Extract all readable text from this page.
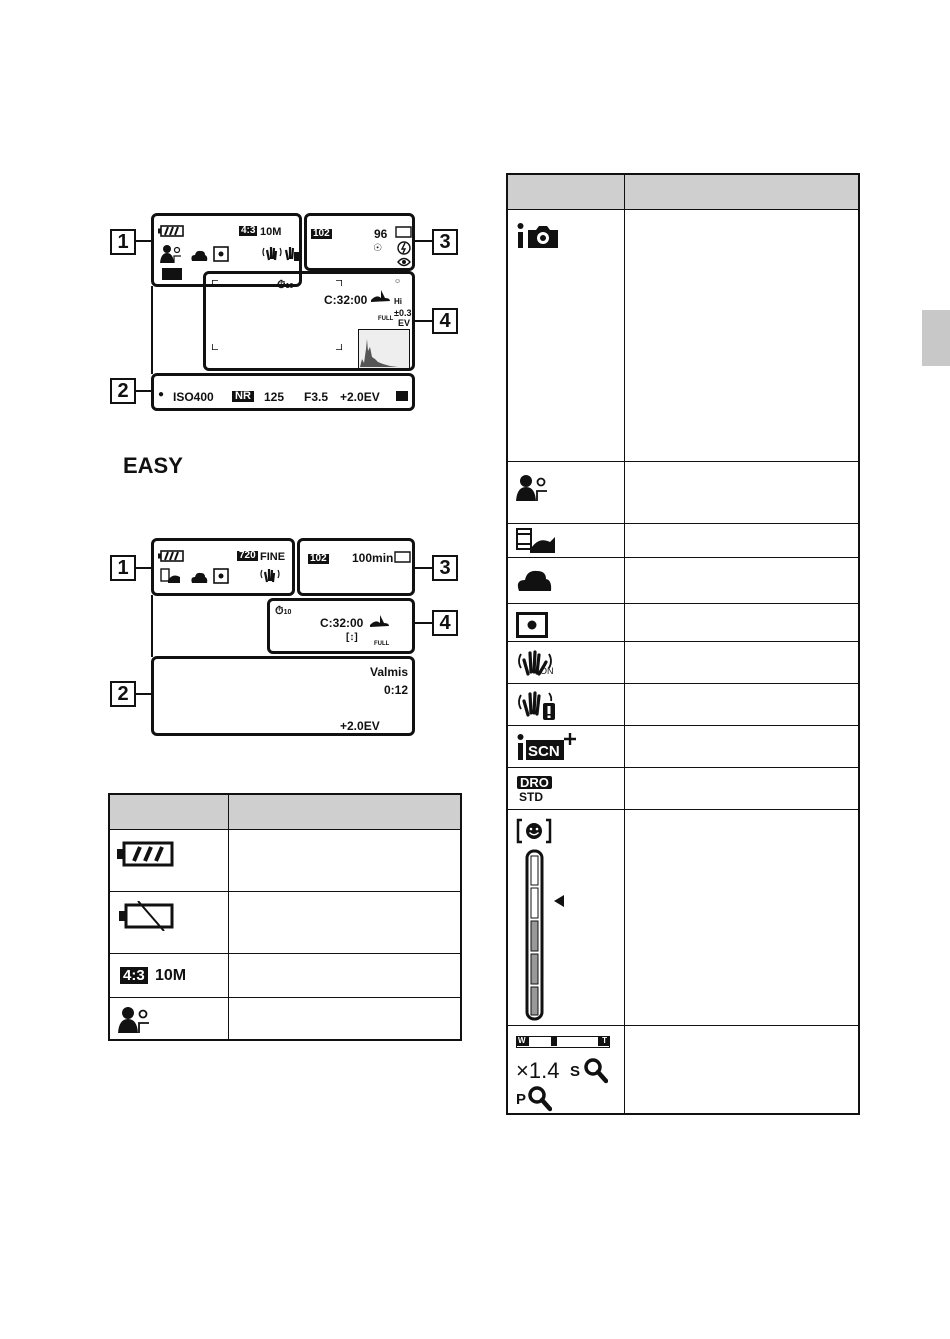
4:3 10M
1	102	96
☉	3
⏱10
C:32:00	Hi
☺
FULL
±0.3
EV	4
● ISO400 NR 125 F3.5 +2.0EV
2
EASY
720 FINE
1	102 100min	3
⏱10
C:32:00
[↕]
FULL
4
Valmis
0:12
+2.0EV
2

4:3 10M	

ON	

SCN	

DRO
STD	

W T
×1.4 S
P	
